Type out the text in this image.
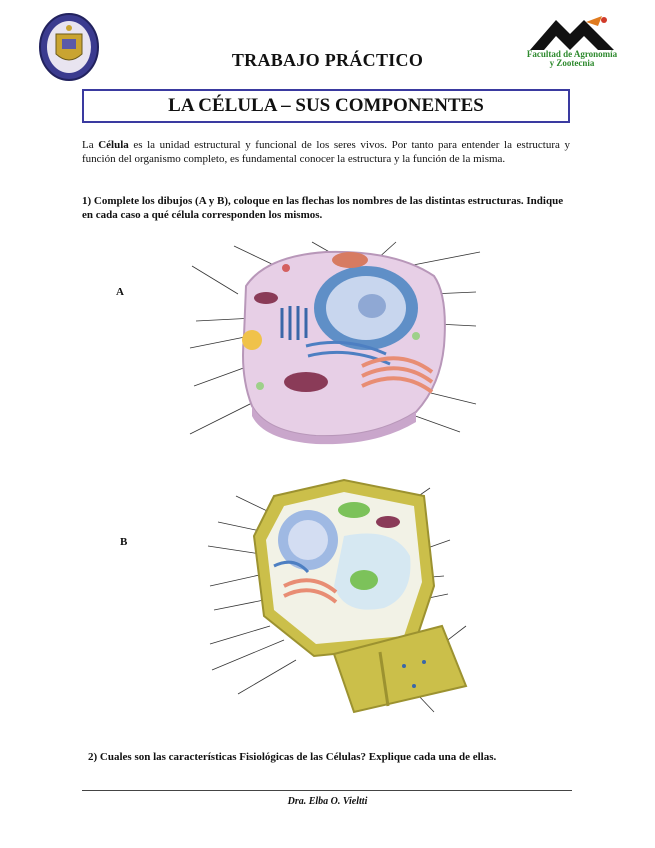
Facultad de Agronomía y Zootecnia
TRABAJO PRÁCTICO
LA CÉLULA – SUS COMPONENTES
La Célula es la unidad estructural y funcional de los seres vivos. Por tanto para entender la estructura y función del organismo completo, es fundamental conocer la estructura y la función de la misma.
1) Complete los dibujos (A y B), coloque en las flechas los nombres de las distintas estructuras. Indique en cada caso a qué célula corresponden los mismos.
A
B
2) Cuales son las características Fisiológicas de las Células? Explique cada una de ellas.
Dra. Elba O. Vieltti
